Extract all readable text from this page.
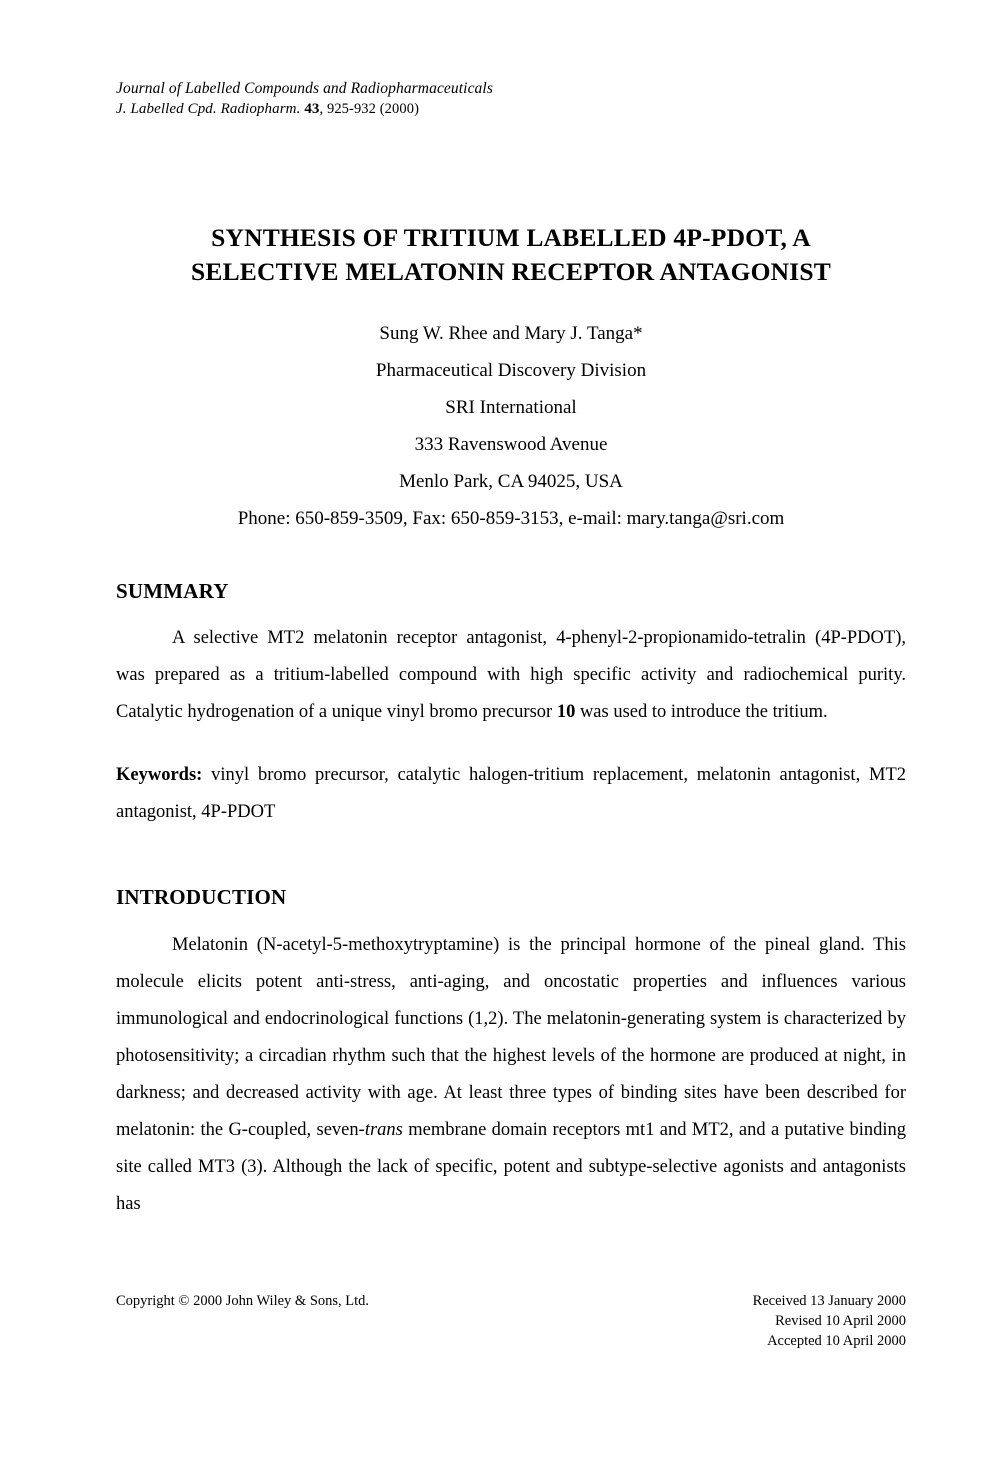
Journal of Labelled Compounds and Radiopharmaceuticals
J. Labelled Cpd. Radiopharm. 43, 925-932 (2000)
SYNTHESIS OF TRITIUM LABELLED 4P-PDOT, A
SELECTIVE MELATONIN RECEPTOR ANTAGONIST
Sung W. Rhee and Mary J. Tanga*
Pharmaceutical Discovery Division
SRI International
333 Ravenswood Avenue
Menlo Park, CA 94025, USA
Phone: 650-859-3509, Fax: 650-859-3153, e-mail: mary.tanga@sri.com
SUMMARY

A selective MT2 melatonin receptor antagonist, 4-phenyl-2-propionamido-tetralin (4P-PDOT), was prepared as a tritium-labelled compound with high specific activity and radiochemical purity. Catalytic hydrogenation of a unique vinyl bromo precursor 10 was used to introduce the tritium.

Keywords: vinyl bromo precursor, catalytic halogen-tritium replacement, melatonin antagonist, MT2 antagonist, 4P-PDOT

INTRODUCTION

Melatonin (N-acetyl-5-methoxytryptamine) is the principal hormone of the pineal gland. This molecule elicits potent anti-stress, anti-aging, and oncostatic properties and influences various immunological and endocrinological functions (1,2). The melatonin-generating system is characterized by photosensitivity; a circadian rhythm such that the highest levels of the hormone are produced at night, in darkness; and decreased activity with age. At least three types of binding sites have been described for melatonin: the G-coupled, seven-trans membrane domain receptors mt1 and MT2, and a putative binding site called MT3 (3). Although the lack of specific, potent and subtype-selective agonists and antagonists has

Copyright © 2000 John Wiley & Sons, Ltd.	Received 13 January 2000
Revised 10 April 2000
Accepted 10 April 2000
